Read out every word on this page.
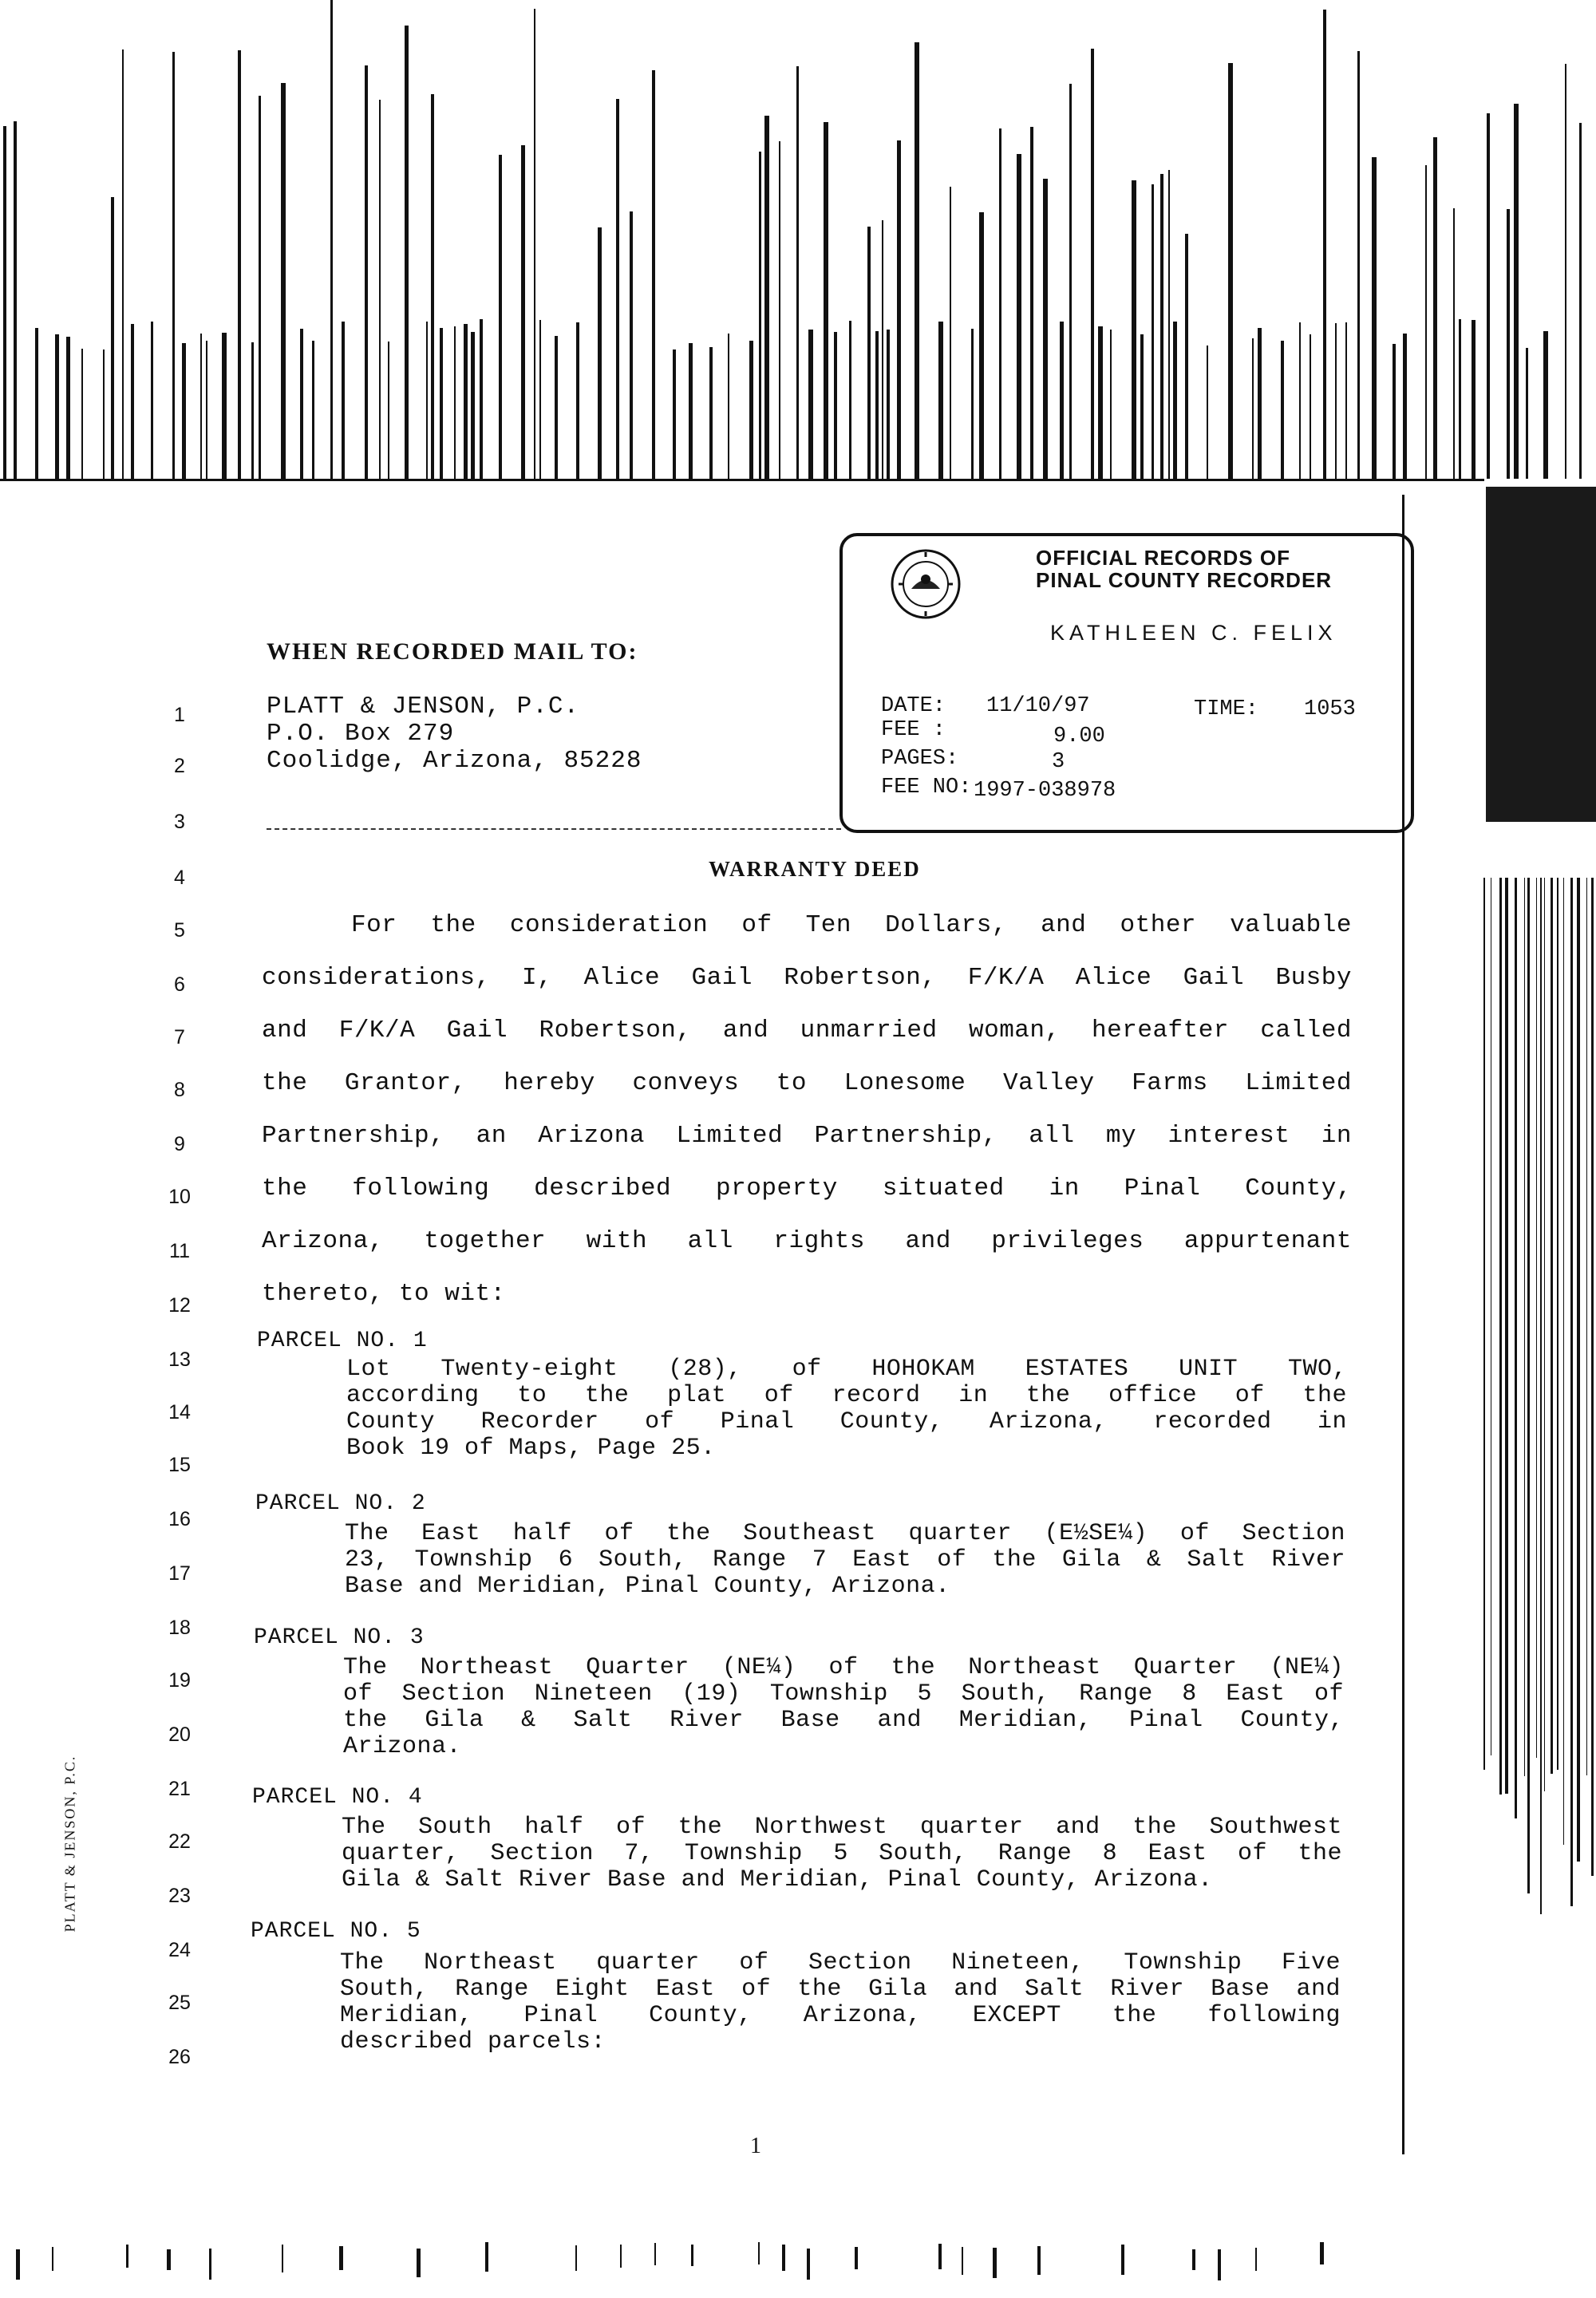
OFFICIAL RECORDS OF
PINAL COUNTY RECORDER
KATHLEEN C. FELIX
DATE: 11/10/97	TIME: 1053
FEE :	9.00
PAGES:	3
FEE NO: 1997-038978
WHEN RECORDED MAIL TO:
PLATT & JENSON, P.C.
P.O. Box 279
Coolidge, Arizona, 85228
WARRANTY DEED
For the consideration of Ten Dollars, and other valuable
considerations, I, Alice Gail Robertson, F/K/A Alice Gail Busby
and F/K/A Gail Robertson, and unmarried woman, hereafter called
the Grantor, hereby conveys to Lonesome Valley Farms Limited
Partnership, an Arizona Limited Partnership, all my interest in
the following described property situated in Pinal County,
Arizona, together with all rights and privileges appurtenant
thereto, to wit:
PARCEL NO. 1
Lot Twenty-eight (28), of HOHOKAM ESTATES UNIT TWO,
according to the plat of record in the office of the
County Recorder of Pinal County, Arizona, recorded in
Book 19 of Maps, Page 25.
PARCEL NO. 2
The East half of the Southeast quarter (E½SE¼) of Section
23, Township 6 South, Range 7 East of the Gila & Salt River
Base and Meridian, Pinal County, Arizona.
PARCEL NO. 3
The Northeast Quarter (NE¼) of the Northeast Quarter (NE¼)
of Section Nineteen (19) Township 5 South, Range 8 East of
the Gila & Salt River Base and Meridian, Pinal County,
Arizona.
PARCEL NO. 4
The South half of the Northwest quarter and the Southwest
quarter, Section 7, Township 5 South, Range 8 East of the
Gila & Salt River Base and Meridian, Pinal County, Arizona.
PARCEL NO. 5
The Northeast quarter of Section Nineteen, Township Five
South, Range Eight East of the Gila and Salt River Base and
Meridian, Pinal County, Arizona, EXCEPT the following
described parcels:
1
2
3
4
5
6
7
8
9
10
11
12
13
14
15
16
17
18
19
20
21
22
23
24
25
26
PLATT & JENSON, P.C.
1
